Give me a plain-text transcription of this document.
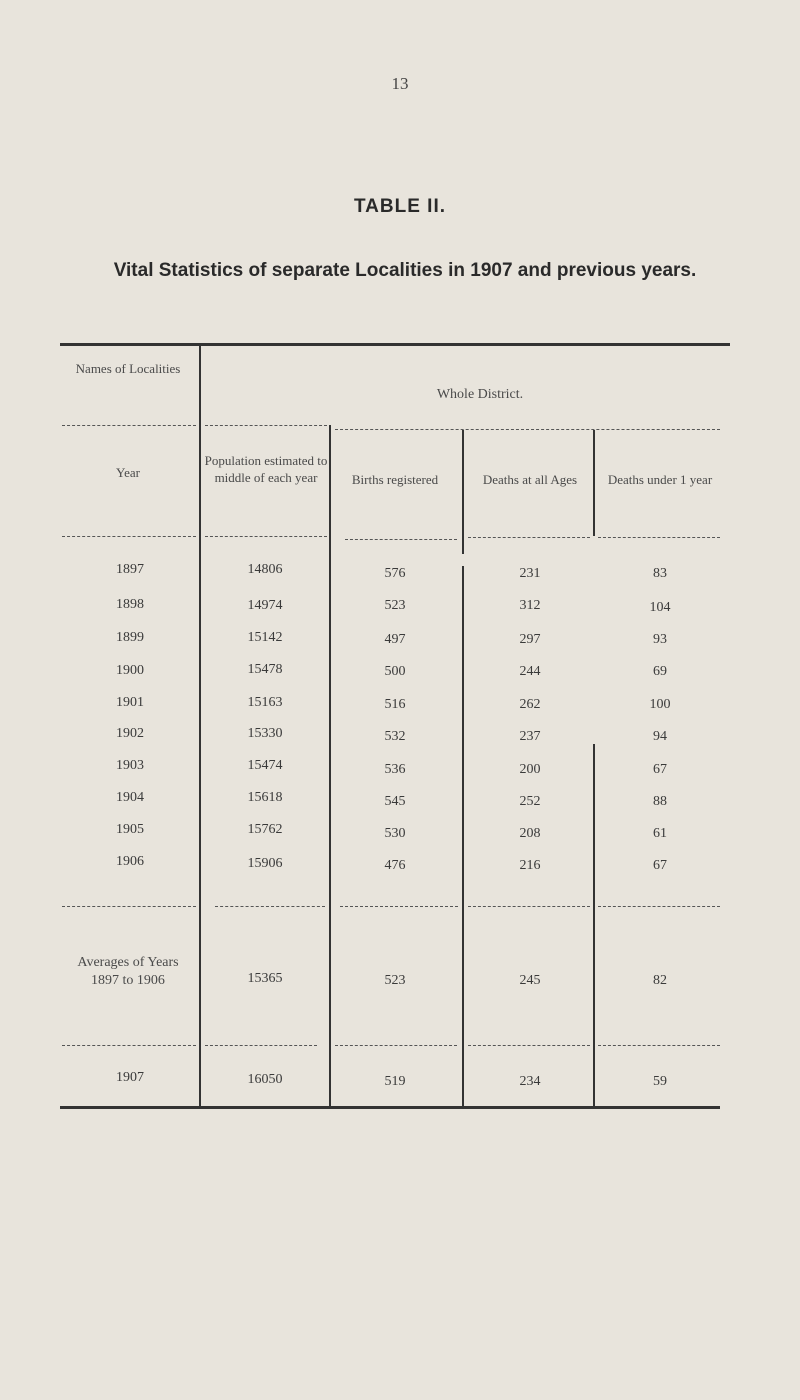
13
TABLE II.
Vital Statistics of separate Localities in 1907 and previous years.
Names of Localities
Whole District.
Year
Population estimated to middle of each year	Births registered	Deaths at all Ages	Deaths under 1 year
1897	14806	576	231	83
1898	14974	523	312	104
1899	15142	497	297	93
1900	15478	500	244	69
1901	15163	516	262	100
1902	15330	532	237	94
1903	15474	536	200	67
1904	15618	545	252	88
1905	15762	530	208	61
1906	15906	476	216	67
Averages of Years 1897 to 1906	15365	523	245	82
1907	16050	519	234	59
